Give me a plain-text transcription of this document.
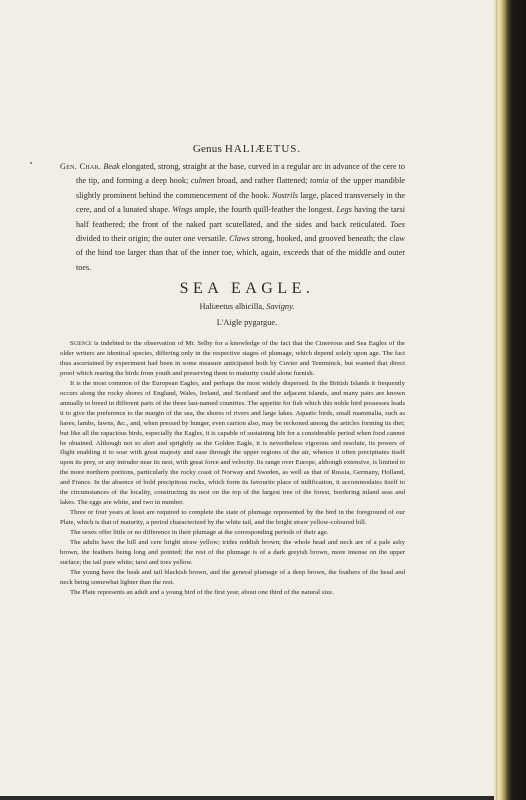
Genus HALIÆETUS.
Gen. Char. Beak elongated, strong, straight at the base, curved in a regular arc in advance of the cere to the tip, and forming a deep hook; culmen broad, and rather flattened; tomia of the upper mandible slightly prominent behind the commencement of the hook. Nostrils large, placed transversely in the cere, and of a lunated shape. Wings ample, the fourth quill-feather the longest. Legs having the tarsi half feathered; the front of the naked part scutellated, and the sides and back reticulated. Toes divided to their origin; the outer one versatile. Claws strong, hooked, and grooved beneath; the claw of the hind toe larger than that of the inner toe, which, again, exceeds that of the middle and outer toes.
SEA EAGLE.
Haliæetus albicilla, Savigny.
L'Aigle pygargue.

Science is indebted to the observation of Mr. Selby for a knowledge of the fact that the Cinereous and Sea Eagles of the older writers are identical species, differing only in the respective stages of plumage, which depend solely upon age. The fact thus ascertained by experiment had been in some measure anticipated both by Cuvier and Temminck, but wanted that direct proof which rearing the birds from youth and preserving them to maturity could alone furnish.

It is the most common of the European Eagles, and perhaps the most widely dispersed. In the British Islands it frequently occurs along the rocky shores of England, Wales, Ireland, and Scotland and the adjacent islands, and many pairs are known annually to breed in different parts of the three last-named countries. The appetite for fish which this noble bird possesses leads it to give the preference to the margin of the sea, the shores of rivers and large lakes. Aquatic birds, small mammalia, such as hares, lambs, fawns, &c., and, when pressed by hunger, even carrion also, may be reckoned among the articles forming its diet; but like all the rapacious birds, especially the Eagles, it is capable of sustaining life for a considerable period when food cannot be obtained. Although not so alert and sprightly as the Golden Eagle, it is nevertheless vigorous and resolute, its powers of flight enabling it to soar with great majesty and ease through the upper regions of the air, whence it often precipitates itself upon its prey, or any intruder near its nest, with great force and velocity. Its range over Europe, although extensive, is limited to the more northern portions, particularly the rocky coast of Norway and Sweden, as well as that of Russia, Germany, Holland, and France. In the absence of bold precipitous rocks, which form its favourite place of nidification, it accommodates itself to the circumstances of the locality, constructing its nest on the top of the largest tree of the forest, bordering inland seas and lakes. The eggs are white, and two in number.

Three or four years at least are required to complete the state of plumage represented by the bird in the foreground of our Plate, which is that of maturity, a period characterized by the white tail, and the bright straw yellow-coloured bill.

The sexes offer little or no difference in their plumage at the corresponding periods of their age.

The adults have the bill and cere bright straw yellow; irides reddish brown; the whole head and neck are of a pale ashy brown, the feathers being long and pointed; the rest of the plumage is of a dark greyish brown, more intense on the upper surface; the tail pure white; tarsi and toes yellow.

The young have the beak and tail blackish brown, and the general plumage of a deep brown, the feathers of the head and neck being somewhat lighter than the rest.

The Plate represents an adult and a young bird of the first year, about one third of the natural size.
